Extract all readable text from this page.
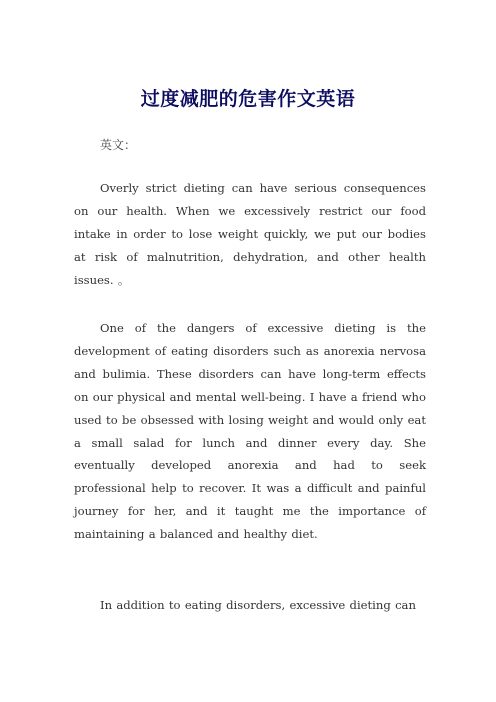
过度减肥的危害作文英语

英文：

Overly strict dieting can have serious consequences on our health. When we excessively restrict our food intake in order to lose weight quickly, we put our bodies at risk of malnutrition, dehydration, and other health issues. 。

One of the dangers of excessive dieting is the development of eating disorders such as anorexia nervosa and bulimia. These disorders can have long-term effects on our physical and mental well-being. I have a friend who used to be obsessed with losing weight and would only eat a small salad for lunch and dinner every day. She eventually developed anorexia and had to seek professional help to recover. It was a difficult and painful journey for her, and it taught me the importance of maintaining a balanced and healthy diet.

In addition to eating disorders, excessive dieting can
